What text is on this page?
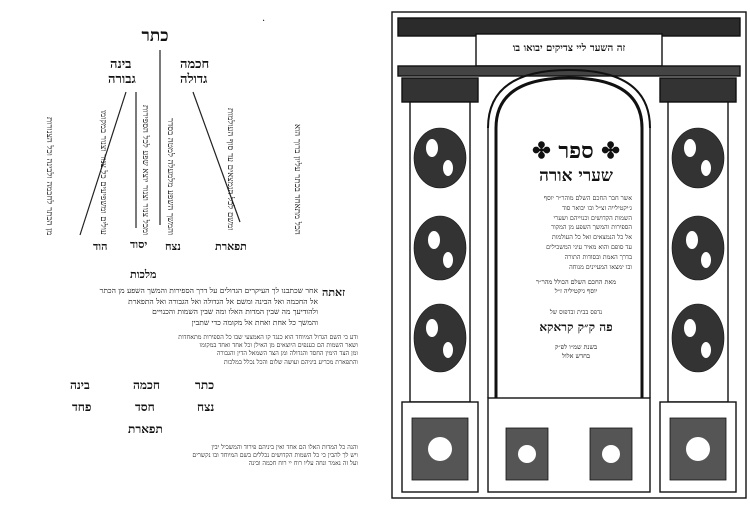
כתר
.
בינה
גבורה
חכמה
גדולה
מן הכתר לחכמה ולבינה וכל הצנורות	עולים ומשפיעים כל צנור וצנור במקומו	ומכל צנור וצנור יוצא שפע לכל הספירות והמשך השפע מלמעלה למטה בסדר	ומשם לכל הנמצאים עד סוף העולמות	הכל מתאחד בכתר עליון ברוך הוא
הוד יסוד נצח	תפארת
מלכות
זאתה
אחר שכתבנו לך העיקרים הגדולים על דרך הספירות והמשך השפע מן הכתר
אל החכמה ואל הבינה ומשם אל הגדולה ואל הגבורה ואל התפארת
ולהודיעך מה שבין המדות האלו ומה שבין השמות והכנויים
והמשך כל אחת ואחת אל מקומה כדי שתבין
ודע כי השם הגדול המיוחד הוא כנגד קו האמצעי שבו כל הספירות מתאחדות
ושאר השמות הם כענפים היוצאים מן האילן וכל אחד ואחד במקומו
ומן הצד הימין החסד והגדולה ומן הצד השמאל הדין והגבורה
והתפארת מכריע ביניהם ועושה שלום והכל נכלל במלכות
בינה	חכמה	כתר
פחד	חסד	נצח
תפארת
והנה כל המדות האלו הם אחד ואין ביניהם פירוד והמשכיל יבין
ויש לך להבין כי כל השמות הקדושים נכללים בשם המיוחד ובו נקשרים
ועל זה נאמר ונחה עליו רוח יי רוח חכמה ובינה
זה השער ליי צדיקים יבואו בו
✤ ספר ✤
שערי אורה
אשר חבר החכם השלם מוהר״ר יוסף
ג׳יקטילייה זצ״ל ובו יבואר סוד
השמות הקדושים וכנוייהם ושערי
הספירות והמשך השפע מן המקור
אל כל הנמצאים ואל כל העולמות
עד סופם והוא מאיר עיני המשכילים
בדרך האמת ובסודות התורה
ובו ימצאו המעיינים מנוחה
מאת החכם השלם הכולל מהר״ר
יוסף גיקטיליה ז״ל
נדפס בבית ובדפוס של
פה ק״ק קראקא
בשנת שמ״ו לפ״ק
בחדש אלול
